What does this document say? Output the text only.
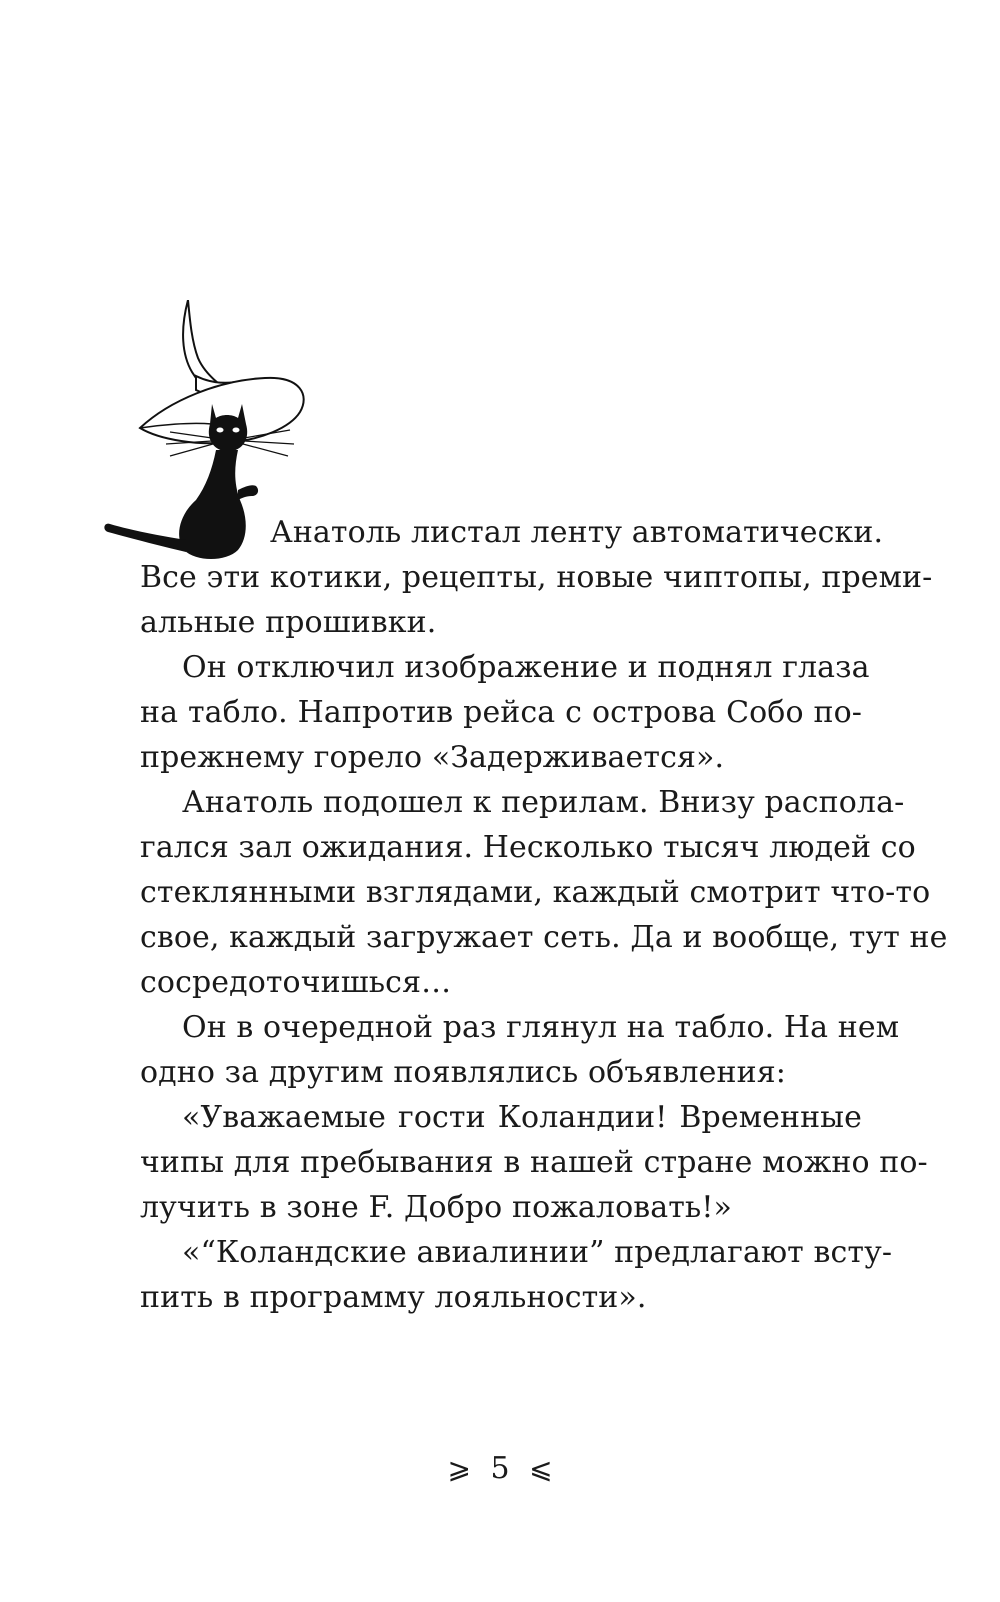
Анатоль листал ленту автоматически.
Все эти котики, рецепты, новые чиптопы, преми-
альные прошивки.

Он отключил изображение и поднял глаза
на табло. Напротив рейса с острова Собо по-
прежнему горело «Задерживается».

Анатоль подошел к перилам. Внизу распола-
гался зал ожидания. Несколько тысяч людей со
стеклянными взглядами, каждый смотрит что-то
свое, каждый загружает сеть. Да и вообще, тут не
сосредоточишься…

Он в очередной раз глянул на табло. На нем
одно за другим появлялись объявления:

«Уважаемые гости Коландии! Временные
чипы для пребывания в нашей стране можно по-
лучить в зоне F. Добро пожаловать!»

«“Коландские авиалинии” предлагают всту-
пить в программу лояльности».

⩾ 5 ⩽
